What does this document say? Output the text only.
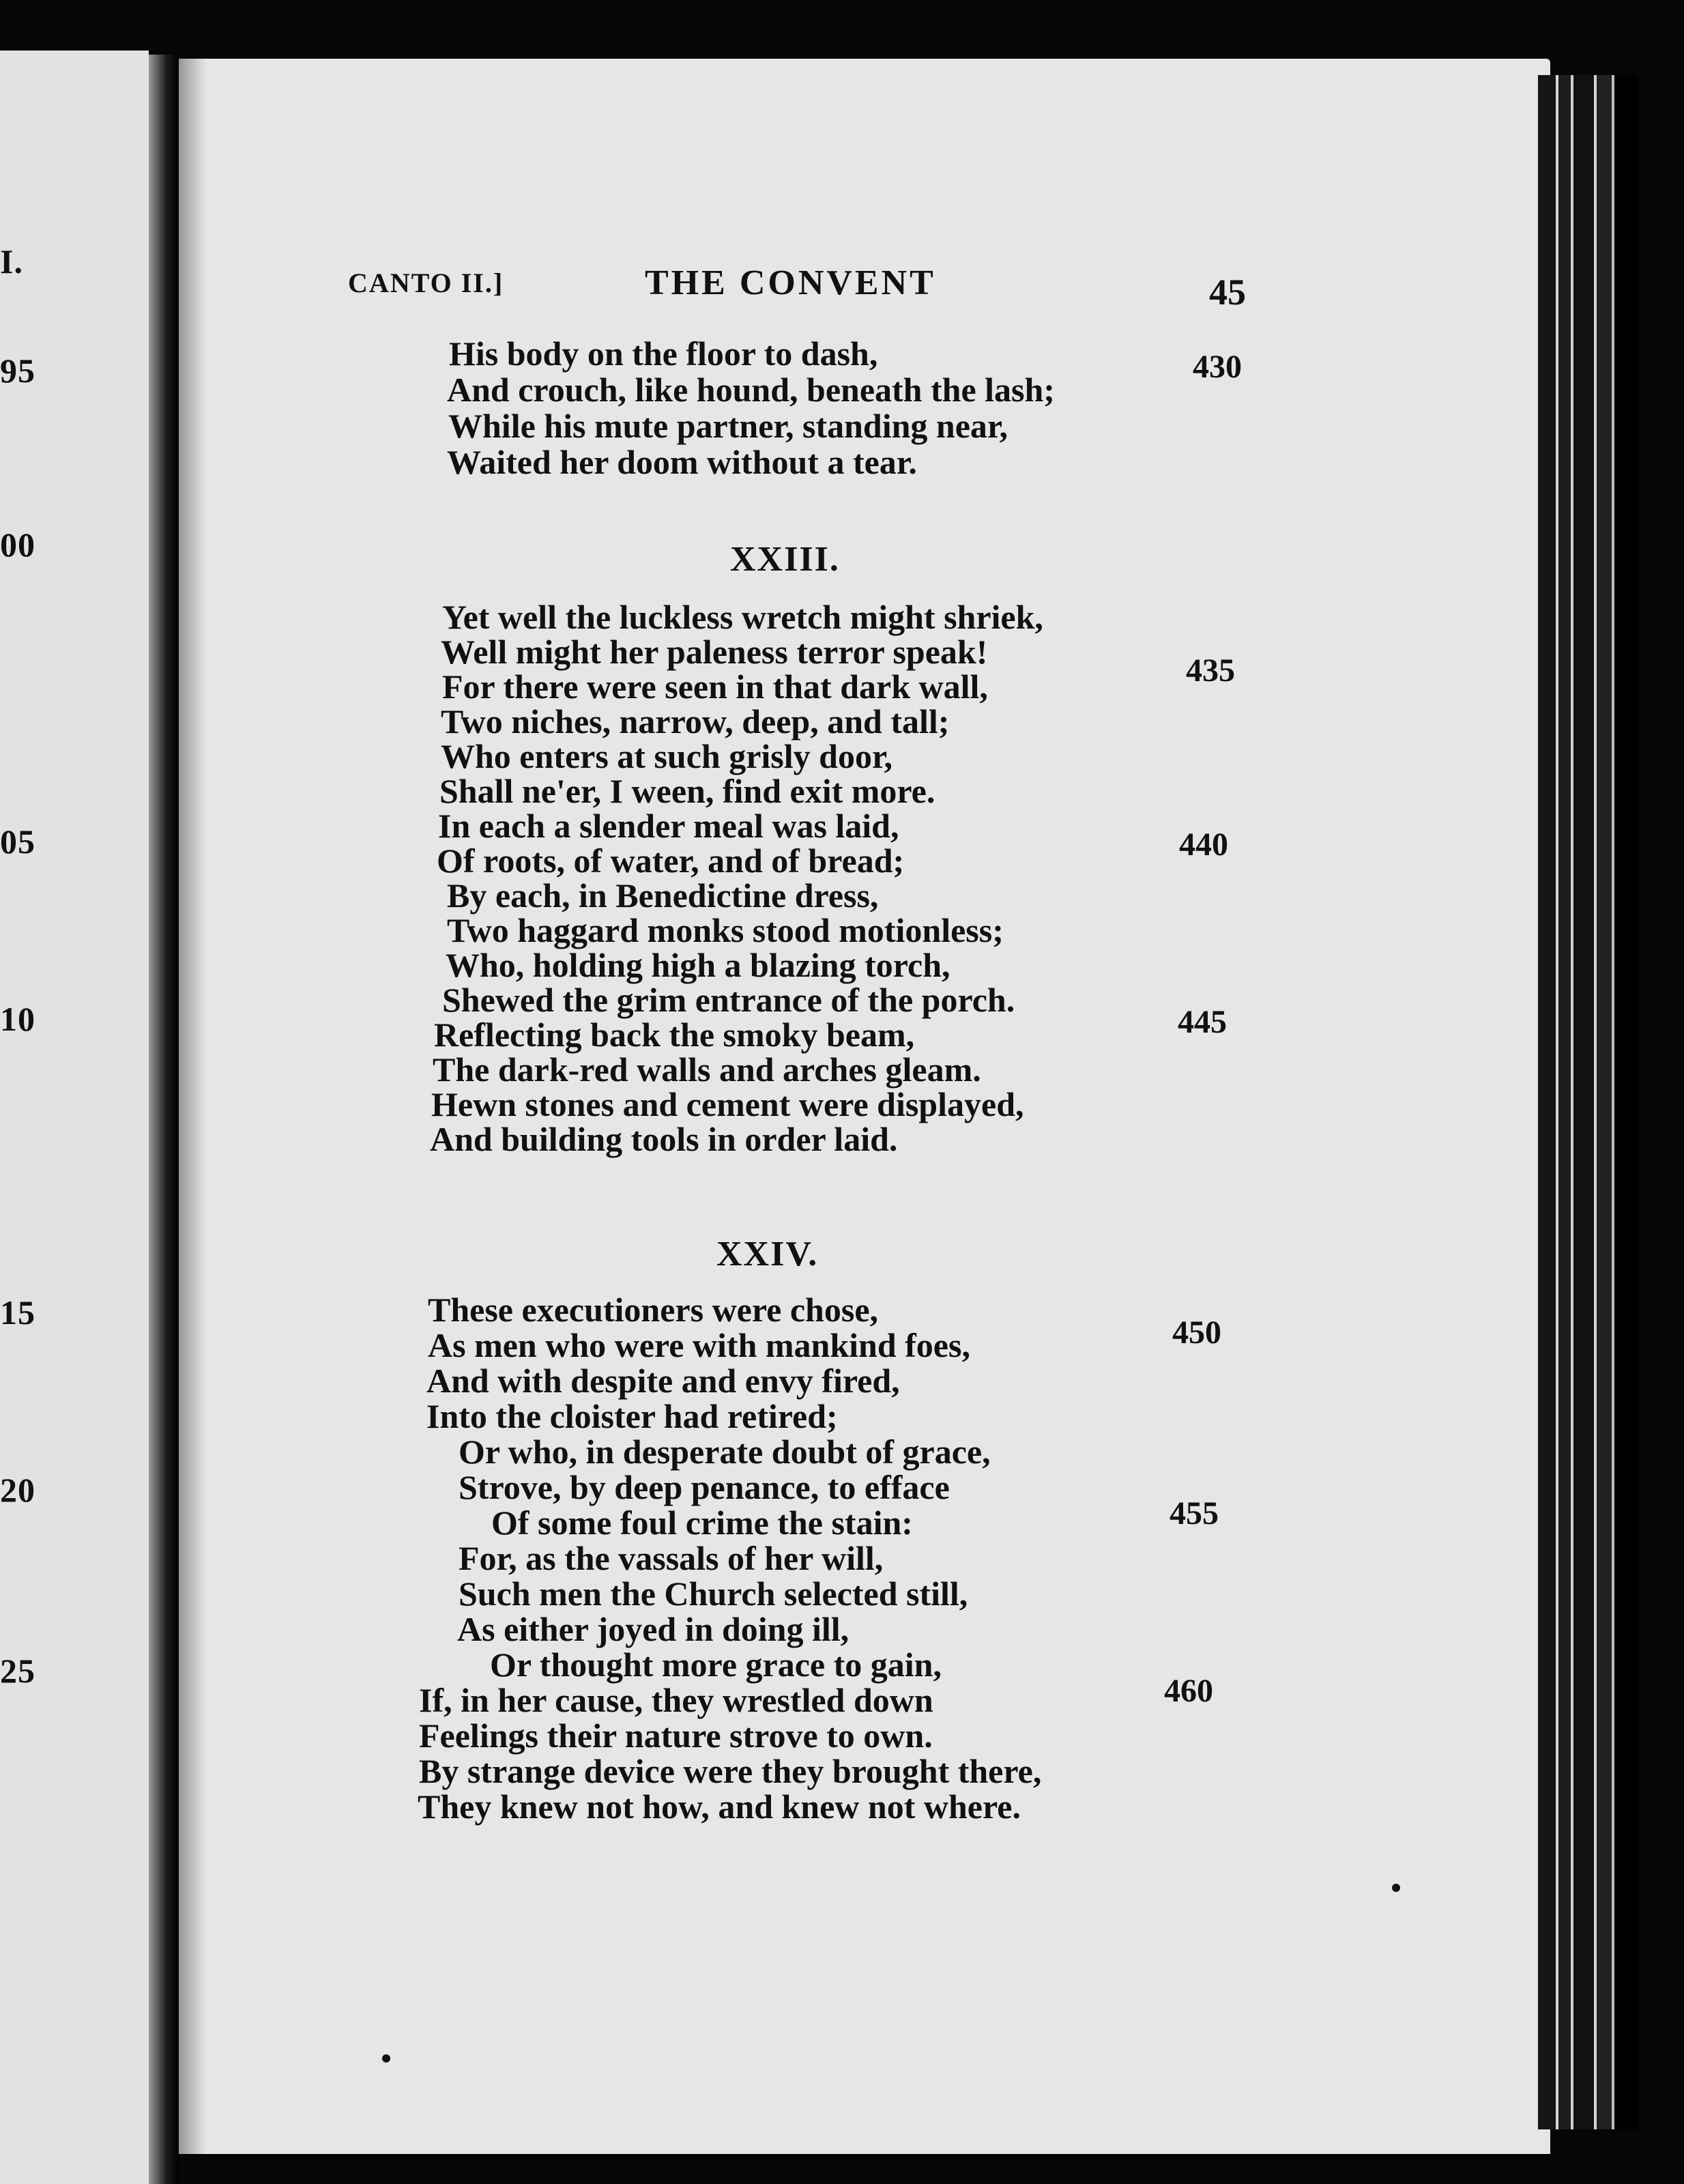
I.
95
00
05
10
15
20
25
CANTO II.]	THE CONVENT	45
His body on the floor to dash,
And crouch, like hound, beneath the lash;
While his mute partner, standing near,
Waited her doom without a tear.
430
XXIII.
Yet well the luckless wretch might shriek,
Well might her paleness terror speak!
For there were seen in that dark wall,
Two niches, narrow, deep, and tall;
Who enters at such grisly door,
Shall ne'er, I ween, find exit more.
In each a slender meal was laid,
Of roots, of water, and of bread;
By each, in Benedictine dress,
Two haggard monks stood motionless;
Who, holding high a blazing torch,
Shewed the grim entrance of the porch.
Reflecting back the smoky beam,
The dark-red walls and arches gleam.
Hewn stones and cement were displayed,
And building tools in order laid.
435
440
445
XXIV.
These executioners were chose,
As men who were with mankind foes,
And with despite and envy fired,
Into the cloister had retired;
Or who, in desperate doubt of grace,
Strove, by deep penance, to efface
Of some foul crime the stain:
For, as the vassals of her will,
Such men the Church selected still,
As either joyed in doing ill,
Or thought more grace to gain,
If, in her cause, they wrestled down
Feelings their nature strove to own.
By strange device were they brought there,
They knew not how, and knew not where.
450
455
460
